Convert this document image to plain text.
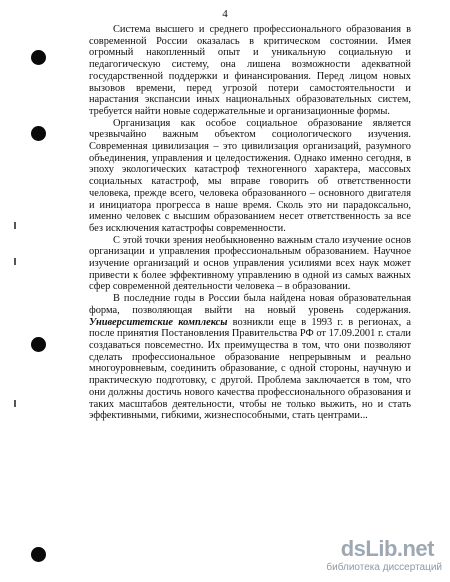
4

Система высшего и среднего профессионального образования в современной России оказалась в критическом состоянии. Имея огромный накопленный опыт и уникальную социальную и педагогическую систему, она лишена возможности адекватной государственной поддержки и финансирования. Перед лицом новых вызовов времени, перед угрозой потери самостоятельности и нарастания экспансии иных национальных образовательных систем, требуется найти новые содержательные и организационные формы.

Организация как особое социальное образование является чрезвычайно важным объектом социологического изучения. Современная цивилизация – это цивилизация организаций, разумного объединения, управления и целедостижения. Однако именно сегодня, в эпоху экологических катастроф техногенного характера, массовых социальных катастроф, мы вправе говорить об ответственности человека, прежде всего, человека образованного – основного двигателя и инициатора прогресса в наше время. Сколь это ни парадоксально, именно человек с высшим образованием несет ответственность за все без исключения катастрофы современности.

С этой точки зрения необыкновенно важным стало изучение основ организации и управления профессиональным образованием. Научное изучение организаций и основ управления усилиями всех наук может привести к более эффективному управлению в одной из самых важных сфер современной деятельности человека – в образовании.

В последние годы в России была найдена новая образовательная форма, позволяющая выйти на новый уровень содержания. Университетские комплексы возникли еще в 1993 г. в регионах, а после принятия Постановления Правительства РФ от 17.09.2001 г. стали создаваться повсеместно. Их преимущества в том, что они позволяют сделать профессиональное образование непрерывным и реально многоуровневым, соединить образование, с одной стороны, научную и практическую подготовку, с другой. Проблема заключается в том, что они должны достичь нового качества профессионального образования и таких масштабов деятельности, чтобы не только выжить, но и стать эффективными, гибкими, жизнеспособными, стать центрами...

dsLib.net
библиотека диссертаций
